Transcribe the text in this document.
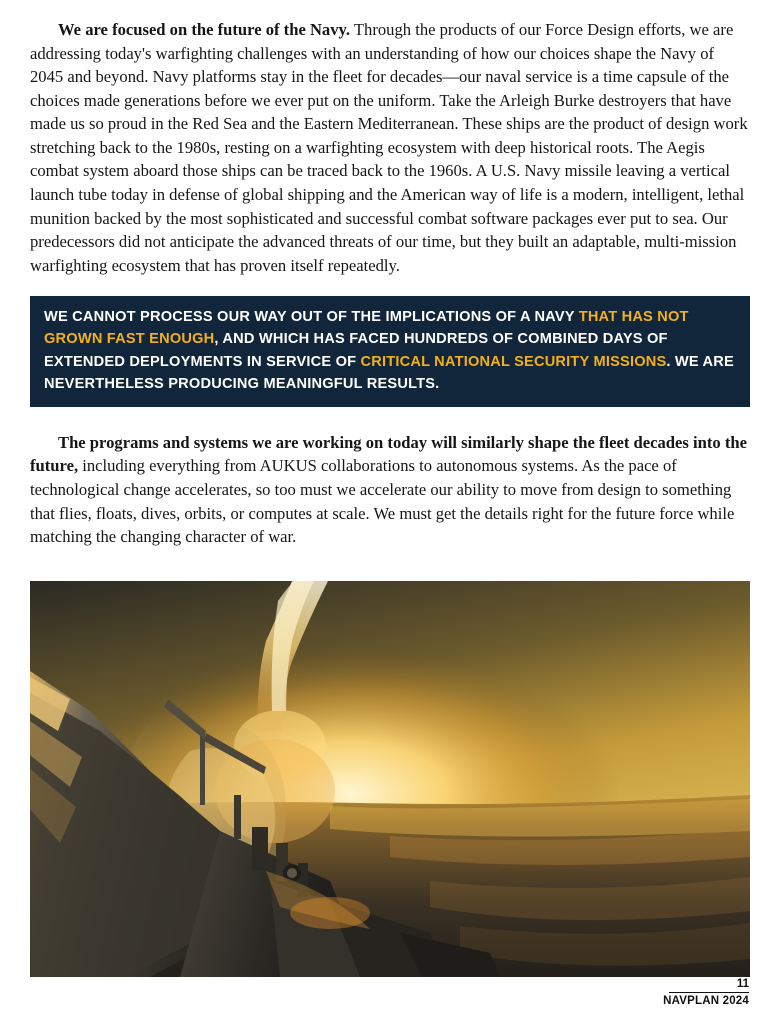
We are focused on the future of the Navy. Through the products of our Force Design efforts, we are addressing today's warfighting challenges with an understanding of how our choices shape the Navy of 2045 and beyond. Navy platforms stay in the fleet for decades—our naval service is a time capsule of the choices made generations before we ever put on the uniform. Take the Arleigh Burke destroyers that have made us so proud in the Red Sea and the Eastern Mediterranean. These ships are the product of design work stretching back to the 1980s, resting on a warfighting ecosystem with deep historical roots. The Aegis combat system aboard those ships can be traced back to the 1960s. A U.S. Navy missile leaving a vertical launch tube today in defense of global shipping and the American way of life is a modern, intelligent, lethal munition backed by the most sophisticated and successful combat software packages ever put to sea. Our predecessors did not anticipate the advanced threats of our time, but they built an adaptable, multi-mission warfighting ecosystem that has proven itself repeatedly.

WE CANNOT PROCESS OUR WAY OUT OF THE IMPLICATIONS OF A NAVY THAT HAS NOT GROWN FAST ENOUGH, AND WHICH HAS FACED HUNDREDS OF COMBINED DAYS OF EXTENDED DEPLOYMENTS IN SERVICE OF CRITICAL NATIONAL SECURITY MISSIONS. WE ARE NEVERTHELESS PRODUCING MEANINGFUL RESULTS.

The programs and systems we are working on today will similarly shape the fleet decades into the future, including everything from AUKUS collaborations to autonomous systems. As the pace of technological change accelerates, so too must we accelerate our ability to move from design to something that flies, floats, dives, orbits, or computes at scale. We must get the details right for the future force while matching the changing character of war.

11
NAVPLAN 2024
